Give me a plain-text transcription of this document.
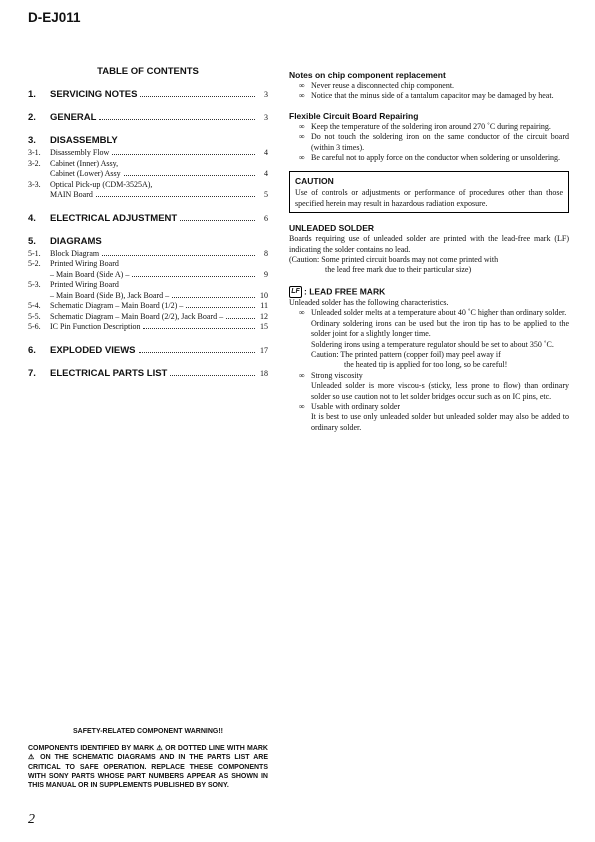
D-EJ011
TABLE OF CONTENTS
1.	SERVICING NOTES	3
2.	GENERAL	3
3.	DISASSEMBLY
3-1.	Disassembly Flow	4
3-2.	Cabinet (Inner) Assy,
Cabinet (Lower) Assy	4
3-3.	Optical Pick-up (CDM-3525A),
MAIN Board	5
4.	ELECTRICAL ADJUSTMENT	6
5.	DIAGRAMS
5-1.	Block Diagram	8
5-2.	Printed Wiring Board
– Main Board (Side A) –	9
5-3.	Printed Wiring Board
– Main Board (Side B), Jack Board –	10
5-4.	Schematic Diagram – Main Board (1/2) –	11
5-5.	Schematic Diagram – Main Board (2/2), Jack Board –	12
5-6.	IC Pin Function Description	15
6.	EXPLODED VIEWS	17
7.	ELECTRICAL PARTS LIST	18
Notes on chip component replacement
∞ Never reuse a disconnected chip component.
∞ Notice that the minus side of a tantalum capacitor may be damaged by heat.
Flexible Circuit Board Repairing
∞ Keep the temperature of the soldering iron around 270 ˚C during repairing.
∞ Do not touch the soldering iron on the same conductor of the circuit board (within 3 times).
∞ Be careful not to apply force on the conductor when soldering or unsoldering.
CAUTION
Use of controls or adjustments or performance of procedures other than those specified herein may result in hazardous radiation exposure.
UNLEADED SOLDER
Boards requiring use of unleaded solder are printed with the lead-free mark (LF) indicating the solder contains no lead.
(Caution: Some printed circuit boards may not come printed with
the lead free mark due to their particular size)
LF : LEAD FREE MARK
Unleaded solder has the following characteristics.
∞ Unleaded solder melts at a temperature about 40 ˚C higher than ordinary solder.
Ordinary soldering irons can be used but the iron tip has to be applied to the solder joint for a slightly longer time.
Soldering irons using a temperature regulator should be set to about 350 ˚C.
Caution: The printed pattern (copper foil) may peel away if
the heated tip is applied for too long, so be careful!
∞ Strong viscosity
Unleaded solder is more viscou-s (sticky, less prone to flow) than ordinary solder so use caution not to let solder bridges occur such as on IC pins, etc.
∞ Usable with ordinary solder
It is best to use only unleaded solder but unleaded solder may also be added to ordinary solder.
SAFETY-RELATED COMPONENT WARNING!!
COMPONENTS IDENTIFIED BY MARK ⚠ OR DOTTED LINE WITH MARK ⚠ ON THE SCHEMATIC DIAGRAMS AND IN THE PARTS LIST ARE CRITICAL TO SAFE OPERATION. REPLACE THESE COMPONENTS WITH SONY PARTS WHOSE PART NUMBERS APPEAR AS SHOWN IN THIS MANUAL OR IN SUPPLEMENTS PUBLISHED BY SONY.
2
